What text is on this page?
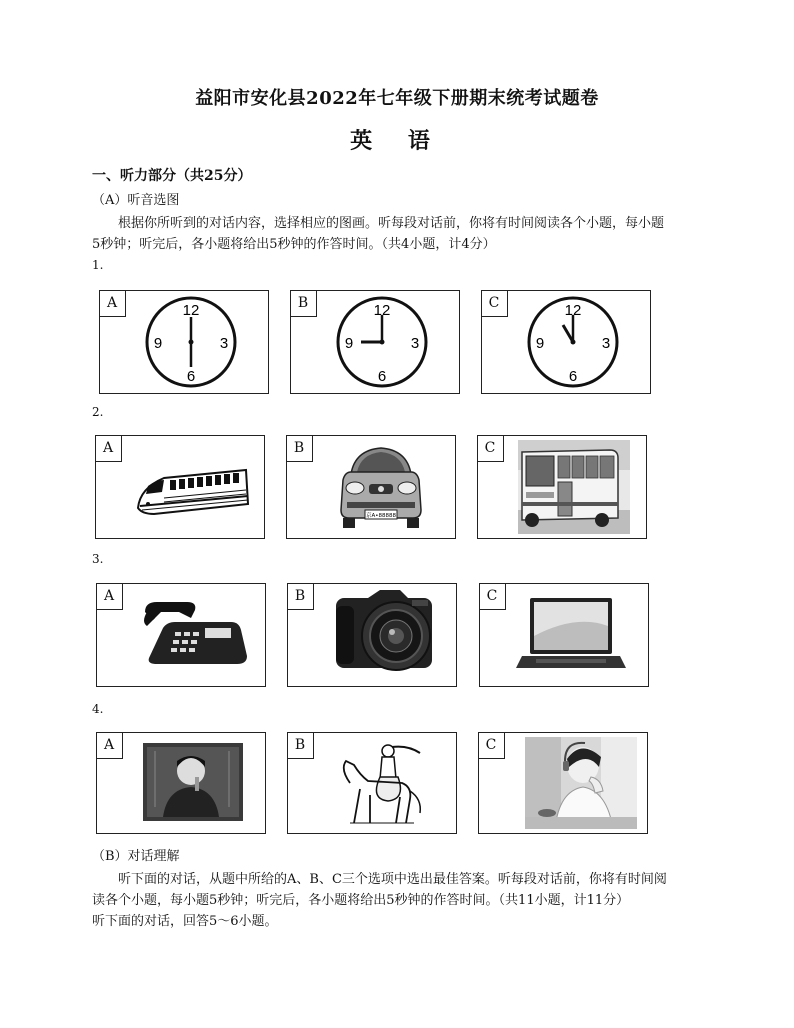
益阳市安化县2022年七年级下册期末统考试题卷
英 语
一、听力部分（共25分）
（A）听音选图
根据你所听到的对话内容，选择相应的图画。听每段对话前，你将有时间阅读各个小题，每小题
5秒钟；听完后，各小题将给出5秒钟的作答时间。（共4小题，计4分）
1.
A	12
3
6
9
B	12
3
6
9
C	12
3
6
9
2.
A	B
京A•88888
C
3.
A	B	C
4.
A	B	C
（B）对话理解
听下面的对话，从题中所给的A、B、C三个选项中选出最佳答案。听每段对话前，你将有时间阅
读各个小题，每小题5秒钟；听完后，各小题将给出5秒钟的作答时间。（共11小题，计11分）
听下面的对话，回答5～6小题。
